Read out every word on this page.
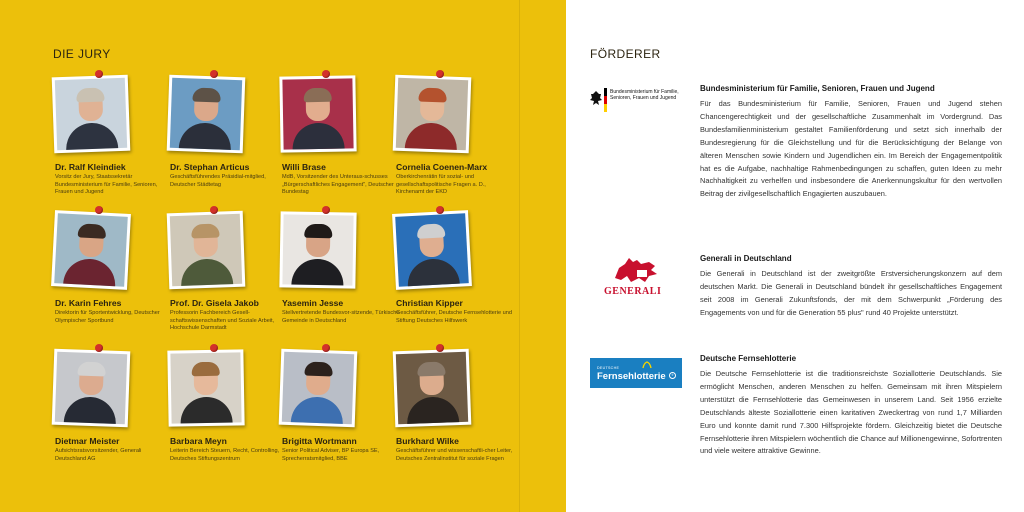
DIE JURY
Dr. Ralf Kleindiek
Vorsitz der Jury, Staatssekretär Bundesministerium für Familie, Senioren, Frauen und Jugend
Dr. Stephan Articus
Geschäftsführendes Präsidial-mitglied, Deutscher Städtetag
Willi Brase
MdB, Vorsitzender des Unteraus-schusses „Bürgerschaftliches Engagement", Deutscher Bundestag
Cornelia Coenen-Marx
Oberkirchenrätin für sozial- und gesellschaftspolitische Fragen a. D., Kirchenamt der EKD
Dr. Karin Fehres
Direktorin für Sportentwicklung, Deutscher Olympischer Sportbund
Prof. Dr. Gisela Jakob
Professorin Fachbereich Gesell-schaftswissenschaften und Soziale Arbeit, Hochschule Darmstadt
Yasemin Jesse
Stellvertretende Bundesvor-sitzende, Türkische Gemeinde in Deutschland
Christian Kipper
Geschäftsführer, Deutsche Fernsehlotterie und Stiftung Deutsches Hilfswerk
Dietmar Meister
Aufsichtsratsvorsitzender, Generali Deutschland AG
Barbara Meyn
Leiterin Bereich Steuern, Recht, Controlling, Deutsches Stiftungszentrum
Brigitta Wortmann
Senior Political Adviser, BP Europa SE, Sprecherratsmitglied, BBE
Burkhard Wilke
Geschäftsführer und wissenschaftli-cher Leiter, Deutsches Zentralinstitut für soziale Fragen
FÖRDERER
Bundesministerium für Familie, Senioren, Frauen und Jugend
Bundesministerium für Familie, Senioren, Frauen und Jugend
Für das Bundesministerium für Familie, Senioren, Frauen und Jugend stehen Chancengerechtigkeit und der gesellschaftliche Zusammenhalt im Vordergrund. Das Bundesfamilienministerium gestaltet Familienförderung und setzt sich innerhalb der Bundesregierung für die Gleichstellung und für die Berücksichtigung der Belange von älteren Menschen sowie Kindern und Jugendlichen ein. Im Bereich der Engagementpolitik hat es die Aufgabe, nachhaltige Rahmenbedingungen zu schaffen, guten Ideen zu mehr Nachhaltigkeit zu verhelfen und insbesondere die Anerkennungskultur für den wertvollen Beitrag der zivilgesellschaftlich Engagierten auszubauen.
GENERALI
Generali in Deutschland
Die Generali in Deutschland ist der zweitgrößte Erstversicherungskonzern auf dem deutschen Markt. Die Generali in Deutschland bündelt ihr gesellschaftliches Engagement seit 2008 im Generali Zukunftsfonds, der mit dem Schwerpunkt „Förderung des Engagements von und für die Generation 55 plus" rund 40 Projekte unterstützt.
DEUTSCHE
Fernsehlotterie	®
Deutsche Fernsehlotterie
Die Deutsche Fernsehlotterie ist die traditionsreichste Soziallotterie Deutschlands. Sie ermöglicht Menschen, anderen Menschen zu helfen. Gemeinsam mit ihren Mitspielern unterstützt die Fernsehlotterie das Gemeinwesen in unserem Land. Seit 1956 erzielte Deutschlands älteste Soziallotterie einen karitativen Zweckertrag von rund 1,7 Milliarden Euro und konnte damit rund 7.300 Hilfsprojekte fördern. Gleichzeitig bietet die Deutsche Fernsehlotterie ihren Mitspielern wöchentlich die Chance auf Millionengewinne, Sofortrenten und viele weitere attraktive Gewinne.
